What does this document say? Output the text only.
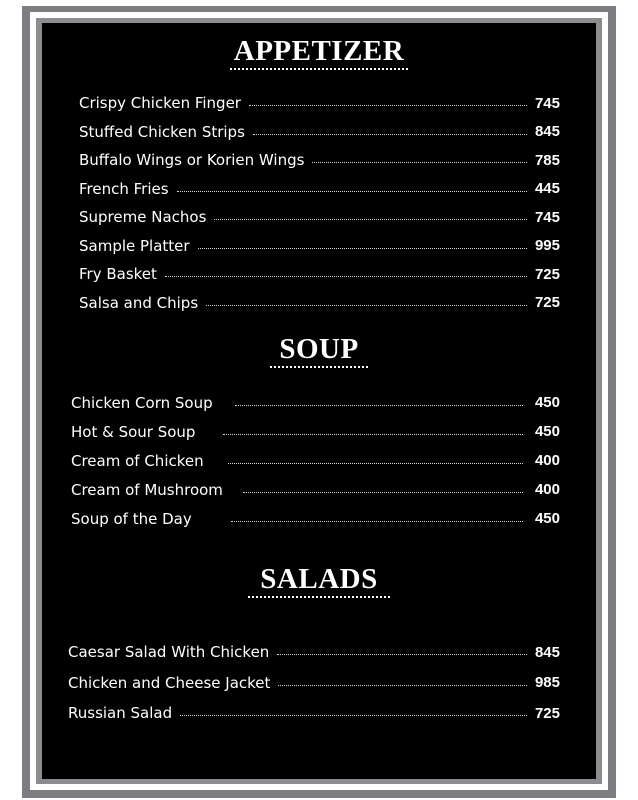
APPETIZER
Crispy Chicken Finger	745
Stuffed Chicken Strips	845
Buffalo Wings or Korien Wings	785
French Fries	445
Supreme Nachos	745
Sample Platter	995
Fry Basket	725
Salsa and Chips	725
SOUP
Chicken Corn Soup	450
Hot & Sour Soup	450
Cream of Chicken	400
Cream of Mushroom	400
Soup of the Day	450
SALADS
Caesar Salad With Chicken	845
Chicken and Cheese Jacket	985
Russian Salad	725
